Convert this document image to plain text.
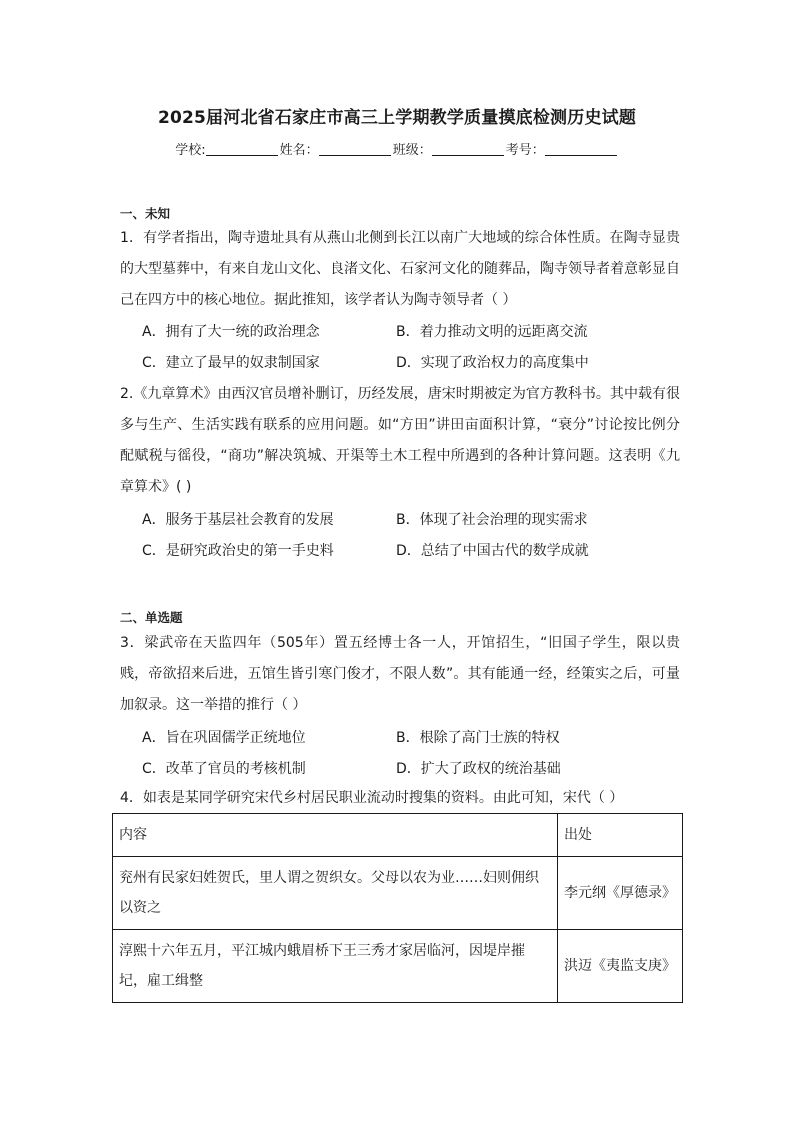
2025届河北省石家庄市高三上学期教学质量摸底检测历史试题
学校:	姓名：	班级：	考号：
一、未知
1．有学者指出，陶寺遗址具有从燕山北侧到长江以南广大地域的综合体性质。在陶寺显贵的大型墓葬中，有来自龙山文化、良渚文化、石家河文化的随葬品，陶寺领导者着意彰显自己在四方中的核心地位。据此推知，该学者认为陶寺领导者（ ）
A．拥有了大一统的政治理念	B．着力推动文明的远距离交流
C．建立了最早的奴隶制国家	D．实现了政治权力的高度集中
2.《九章算术》由西汉官员增补删订，历经发展，唐宋时期被定为官方教科书。其中载有很多与生产、生活实践有联系的应用问题。如“方田”讲田亩面积计算，“衰分”讨论按比例分配赋税与徭役，“商功”解决筑城、开渠等土木工程中所遇到的各种计算问题。这表明《九章算术》( )
A．服务于基层社会教育的发展	B．体现了社会治理的现实需求
C．是研究政治史的第一手史料	D．总结了中国古代的数学成就
二、单选题
3．梁武帝在天监四年（505年）置五经博士各一人，开馆招生，“旧国子学生，限以贵贱，帝欲招来后进，五馆生皆引寒门俊才，不限人数”。其有能通一经，经策实之后，可量加叙录。这一举措的推行（ ）
A．旨在巩固儒学正统地位	B．根除了高门士族的特权
C．改革了官员的考核机制	D．扩大了政权的统治基础
4．如表是某同学研究宋代乡村居民职业流动时搜集的资料。由此可知，宋代（ ）
内容	出处
兖州有民家妇姓贺氏，里人谓之贺织女。父母以农为业……妇则佣织以资之	李元纲《厚德录》
淳熙十六年五月，平江城内蛾眉桥下王三秀才家居临河，因堤岸摧圮，雇工缉整	洪迈《夷监支庚》
